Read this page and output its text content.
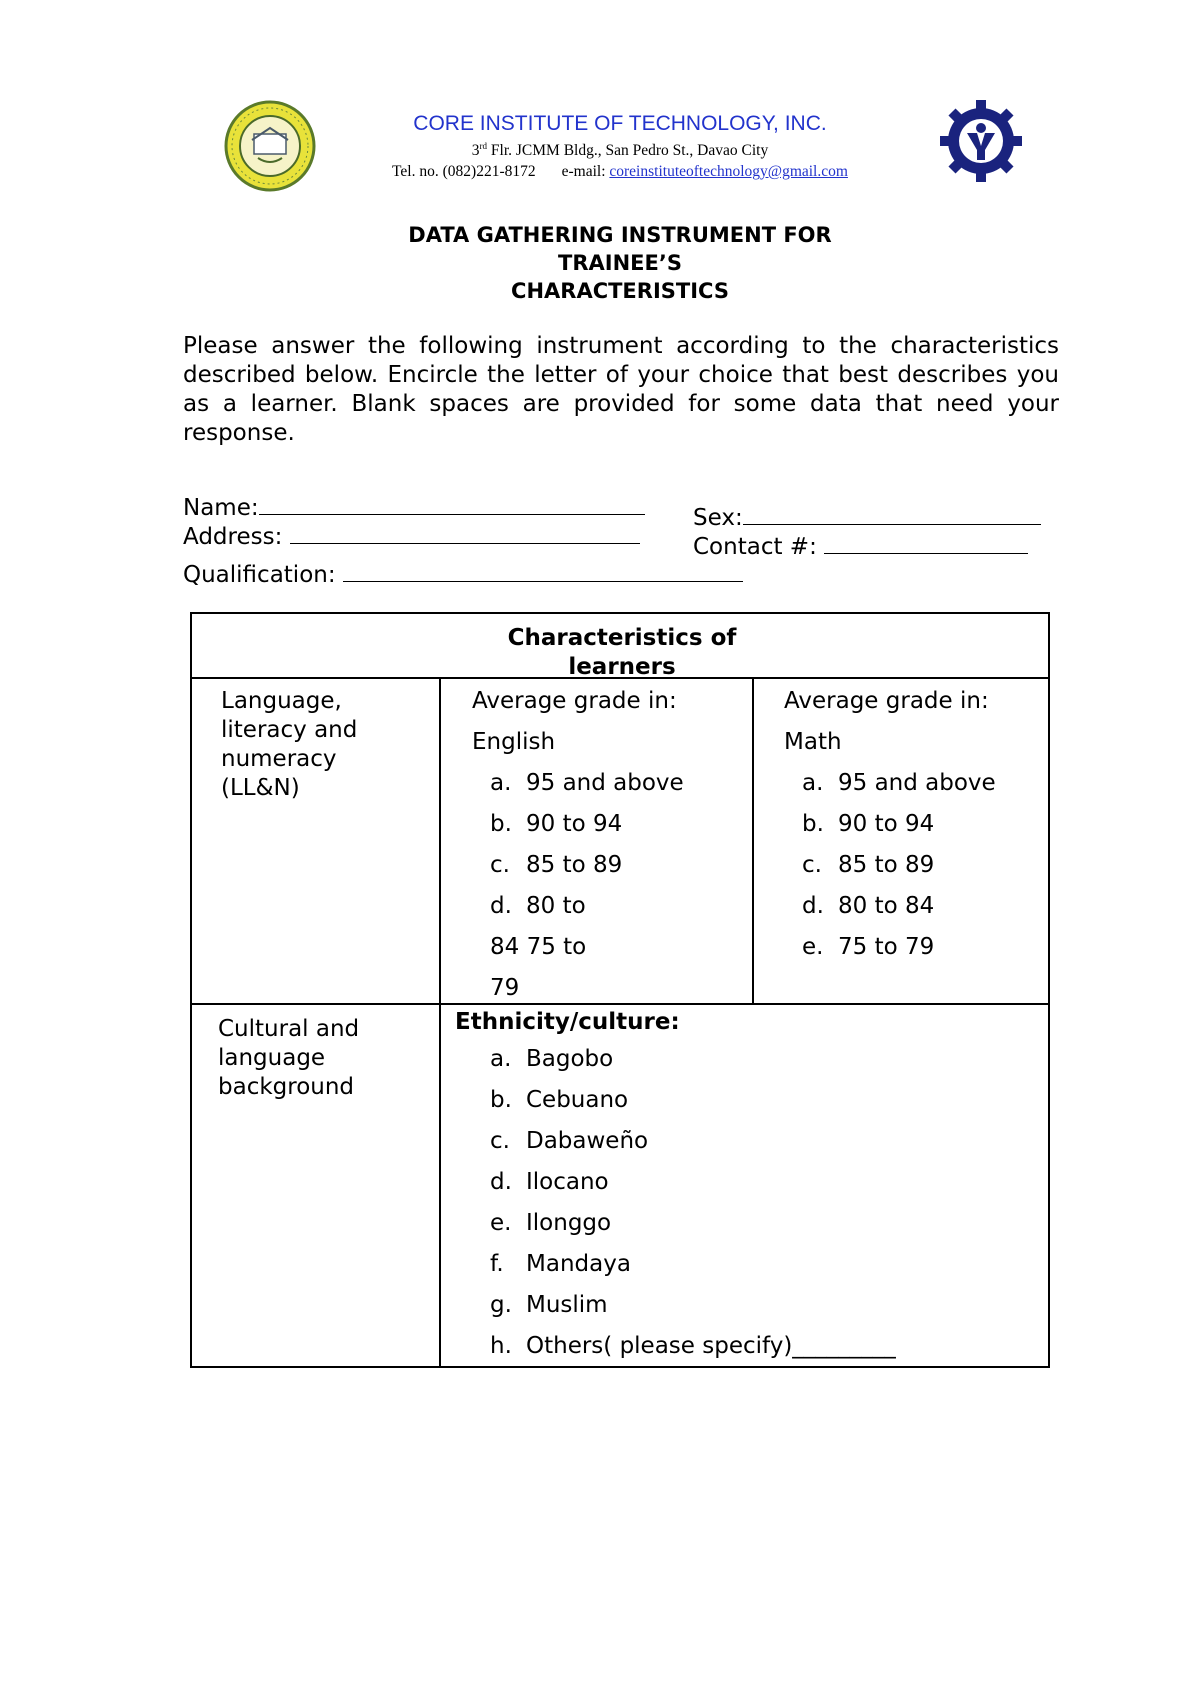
CORE INSTITUTE OF TECHNOLOGY, INC.
3rd Flr. JCMM Bldg., San Pedro St., Davao City
Tel. no. (082)221-8172 e-mail: coreinstituteoftechnology@gmail.com
DATA GATHERING INSTRUMENT FOR
TRAINEE’S
CHARACTERISTICS
Please answer the following instrument according to the characteristics described below. Encircle the letter of your choice that best describes you as a learner. Blank spaces are provided for some data that need your response.
Name:	Sex:
Address:	Contact #:
Qualification:
Characteristics of
learners
Language,
literacy and
numeracy
(LL&N)
Average grade in:
English
a. 95 and above
b. 90 to 94
c. 85 to 89
d. 80 to
84 75 to
79
Average grade in:
Math
a. 95 and above
b. 90 to 94
c. 85 to 89
d. 80 to 84
e. 75 to 79
Cultural and
language
background
Ethnicity/culture:
a. Bagobo
b. Cebuano
c. Dabaweño
d. Ilocano
e. Ilonggo
f. Mandaya
g. Muslim
h. Others( please specify)_________
